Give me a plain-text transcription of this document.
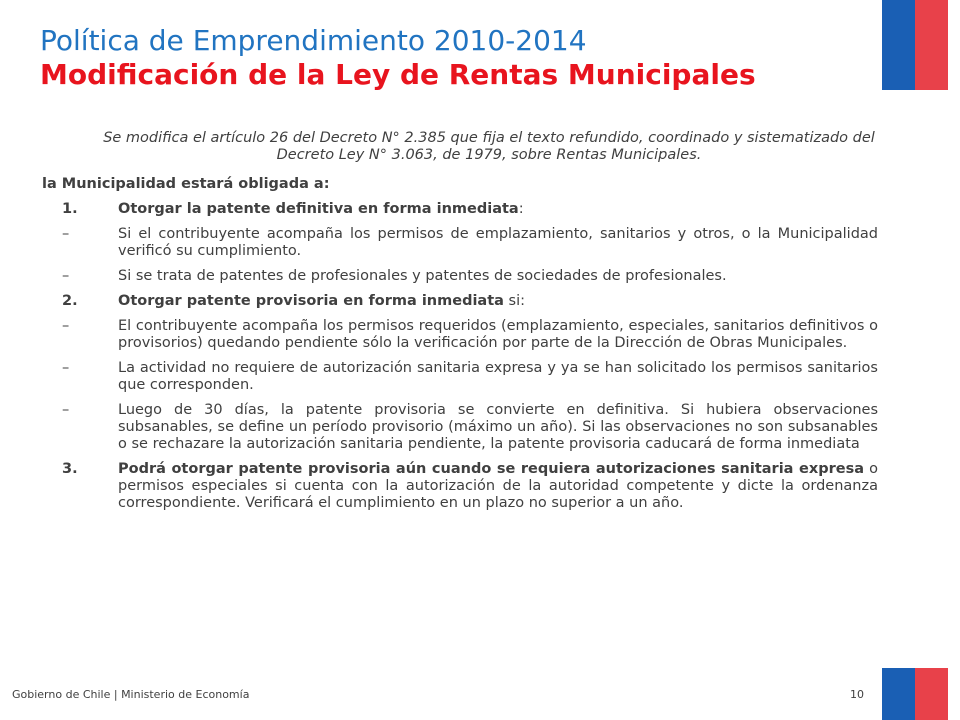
Política de Emprendimiento 2010-2014
Modificación de la Ley de Rentas Municipales
Se modifica el artículo 26 del Decreto N° 2.385 que fija el texto refundido, coordinado y sistematizado del Decreto Ley N° 3.063, de 1979, sobre Rentas Municipales.
la Municipalidad estará obligada a:
1.	Otorgar la patente definitiva en forma inmediata:
–	Si el contribuyente acompaña los permisos de emplazamiento, sanitarios y otros, o la Municipalidad verificó su cumplimiento.
–	Si se trata de patentes de profesionales y patentes de sociedades de profesionales.
2.	Otorgar patente provisoria en forma inmediata si:
–	El contribuyente acompaña los permisos requeridos (emplazamiento, especiales, sanitarios definitivos o provisorios) quedando pendiente sólo la verificación por parte de la Dirección de Obras Municipales.
–	La actividad no requiere de autorización sanitaria expresa y ya se han solicitado los permisos sanitarios que corresponden.
–	Luego de 30 días, la patente provisoria se convierte en definitiva. Si hubiera observaciones subsanables, se define un período provisorio (máximo un año). Si las observaciones no son subsanables o se rechazare la autorización sanitaria pendiente, la patente provisoria caducará de forma inmediata
3.	Podrá otorgar patente provisoria aún cuando se requiera autorizaciones sanitaria expresa o permisos especiales si cuenta con la autorización de la autoridad competente y dicte la ordenanza correspondiente. Verificará el cumplimiento en un plazo no superior a un año.
Gobierno de Chile | Ministerio de Economía	10
